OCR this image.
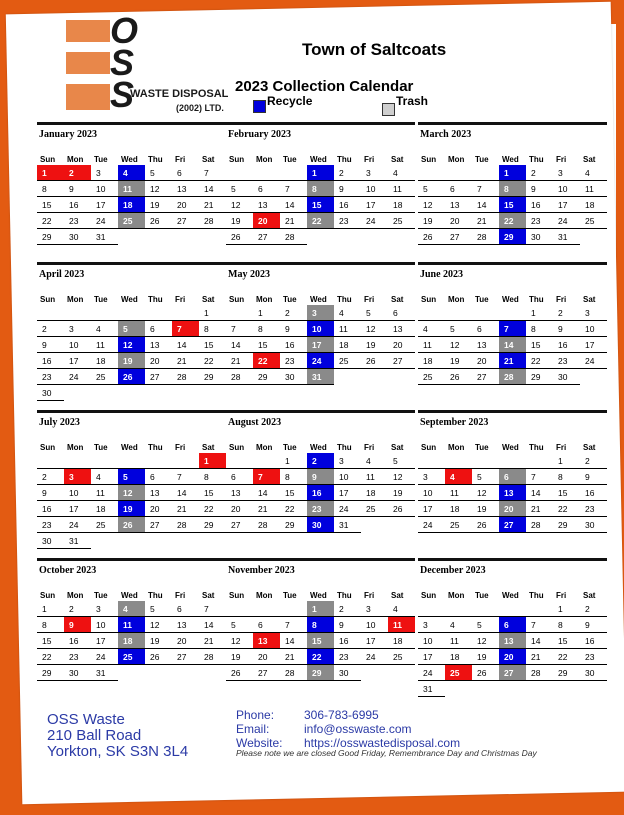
O
S
S
WASTE DISPOSAL
(2002) LTD.
Town of Saltcoats
2023 Collection Calendar
Recycle	Trash
January 2023
Sun	Mon	Tue	Wed	Thu	Fri	Sat
1	2	3	4	5	6	7
8	9	10	11	12	13	14
15	16	17	18	19	20	21
22	23	24	25	26	27	28
29	30	31				
February 2023
Sun	Mon	Tue	Wed	Thu	Fri	Sat
			1	2	3	4
5	6	7	8	9	10	11
12	13	14	15	16	17	18
19	20	21	22	23	24	25
26	27	28				
March 2023
Sun	Mon	Tue	Wed	Thu	Fri	Sat
			1	2	3	4
5	6	7	8	9	10	11
12	13	14	15	16	17	18
19	20	21	22	23	24	25
26	27	28	29	30	31	
April 2023
Sun	Mon	Tue	Wed	Thu	Fri	Sat
						1
2	3	4	5	6	7	8
9	10	11	12	13	14	15
16	17	18	19	20	21	22
23	24	25	26	27	28	29
30						
May 2023
Sun	Mon	Tue	Wed	Thu	Fri	Sat
	1	2	3	4	5	6
7	8	9	10	11	12	13
14	15	16	17	18	19	20
21	22	23	24	25	26	27
28	29	30	31			
June 2023
Sun	Mon	Tue	Wed	Thu	Fri	Sat
				1	2	3
4	5	6	7	8	9	10
11	12	13	14	15	16	17
18	19	20	21	22	23	24
25	26	27	28	29	30	
July 2023
Sun	Mon	Tue	Wed	Thu	Fri	Sat
						1
2	3	4	5	6	7	8
9	10	11	12	13	14	15
16	17	18	19	20	21	22
23	24	25	26	27	28	29
30	31					
August 2023
Sun	Mon	Tue	Wed	Thu	Fri	Sat
		1	2	3	4	5
6	7	8	9	10	11	12
13	14	15	16	17	18	19
20	21	22	23	24	25	26
27	28	29	30	31		
September 2023
Sun	Mon	Tue	Wed	Thu	Fri	Sat
					1	2
3	4	5	6	7	8	9
10	11	12	13	14	15	16
17	18	19	20	21	22	23
24	25	26	27	28	29	30
October 2023
Sun	Mon	Tue	Wed	Thu	Fri	Sat
1	2	3	4	5	6	7
8	9	10	11	12	13	14
15	16	17	18	19	20	21
22	23	24	25	26	27	28
29	30	31				
November 2023
Sun	Mon	Tue	Wed	Thu	Fri	Sat
			1	2	3	4
5	6	7	8	9	10	11
12	13	14	15	16	17	18
19	20	21	22	23	24	25
26	27	28	29	30		
December 2023
Sun	Mon	Tue	Wed	Thu	Fri	Sat
					1	2
3	4	5	6	7	8	9
10	11	12	13	14	15	16
17	18	19	20	21	22	23
24	25	26	27	28	29	30
31						
OSS Waste
210 Ball Road
Yorkton, SK S3N 3L4
Phone: 306-783-6995
Email:	info@osswaste.com
Website: https://osswastedisposal.com
Please note we are closed Good Friday, Remembrance Day and Christmas Day
